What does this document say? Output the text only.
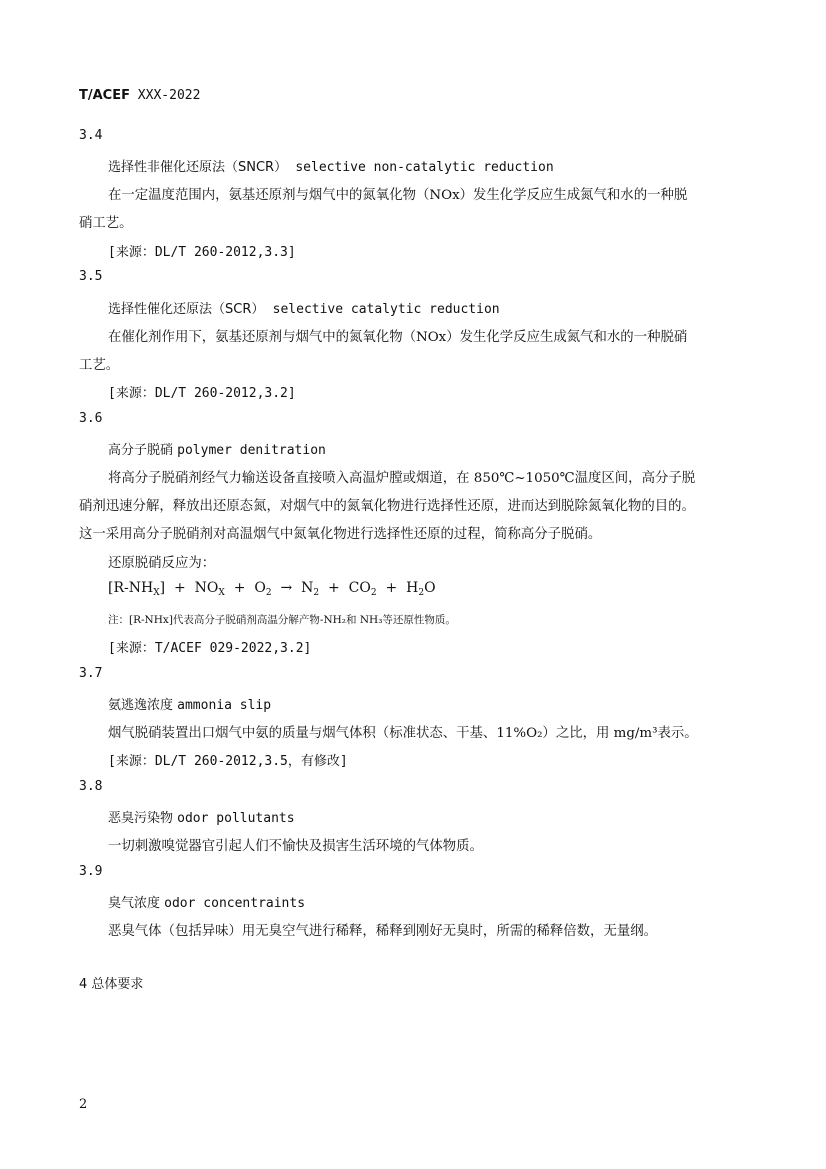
T/ACEF XXX-2022
3.4
选择性非催化还原法（SNCR） selective non‑catalytic reduction
在一定温度范围内，氨基还原剂与烟气中的氮氧化物（NOx）发生化学反应生成氮气和水的一种脱
硝工艺。
[来源：DL/T 260-2012,3.3]
3.5
选择性催化还原法（SCR） selective catalytic reduction
在催化剂作用下，氨基还原剂与烟气中的氮氧化物（NOx）发生化学反应生成氮气和水的一种脱硝
工艺。
[来源：DL/T 260-2012,3.2]
3.6
高分子脱硝 polymer denitration
将高分子脱硝剂经气力输送设备直接喷入高温炉膛或烟道，在 850℃~1050℃温度区间，高分子脱
硝剂迅速分解，释放出还原态氮，对烟气中的氮氧化物进行选择性还原，进而达到脱除氮氧化物的目的。
这一采用高分子脱硝剂对高温烟气中氮氧化物进行选择性还原的过程，简称高分子脱硝。
还原脱硝反应为：
$[R-NH_X] + NO_X + O_2 \to N_2 + CO_2 + H_2O$
注：[R-NHx]代表高分子脱硝剂高温分解产物-NH₂和 NH₃等还原性物质。
[来源：T/ACEF 029-2022,3.2]
3.7
氨逃逸浓度 ammonia slip
烟气脱硝装置出口烟气中氨的质量与烟气体积（标准状态、干基、11%O₂）之比，用 mg/m³表示。
[来源：DL/T 260-2012,3.5，有修改]
3.8
恶臭污染物 odor pollutants
一切刺激嗅觉器官引起人们不愉快及损害生活环境的气体物质。
3.9
臭气浓度 odor concentraints
恶臭气体（包括异味）用无臭空气进行稀释，稀释到刚好无臭时，所需的稀释倍数，无量纲。
4 总体要求
2
